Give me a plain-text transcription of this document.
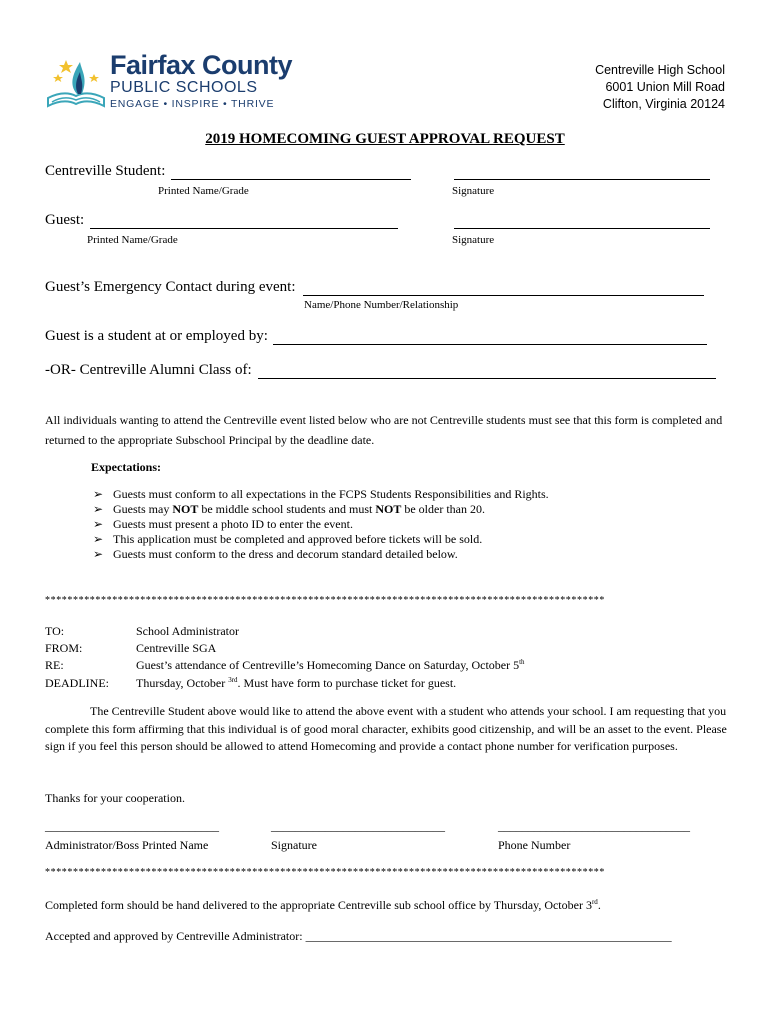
Fairfax County
PUBLIC SCHOOLS
ENGAGE • INSPIRE • THRIVE
Centreville High School
6001 Union Mill Road
Clifton, Virginia 20124
2019 HOMECOMING GUEST APPROVAL REQUEST
Centreville Student:
Printed Name/Grade	Signature
Guest:
Printed Name/Grade	Signature
Guest’s Emergency Contact during event:
Name/Phone Number/Relationship
Guest is a student at or employed by:
-OR- Centreville Alumni Class of:
All individuals wanting to attend the Centreville event listed below who are not Centreville students must see that this form is completed and returned to the appropriate Subschool Principal by the deadline date.
Expectations:
➢ Guests must conform to all expectations in the FCPS Students Responsibilities and Rights.
➢ Guests may NOT be middle school students and must NOT be older than 20.
➢ Guests must present a photo ID to enter the event.
➢ This application must be completed and approved before tickets will be sold.
➢ Guests must conform to the dress and decorum standard detailed below.
****************************************************************************************************
TO:	School Administrator
FROM:	Centreville SGA
RE:	Guest’s attendance of Centreville’s Homecoming Dance on Saturday, October 5th
DEADLINE: Thursday, October $^{3rd}$. Must have form to purchase ticket for guest.
The Centreville Student above would like to attend the above event with a student who attends your school. I am requesting that you complete this form affirming that this individual is of good moral character, exhibits good citizenship, and will be an asset to the event. Please sign if you feel this person should be allowed to attend Homecoming and provide a contact phone number for verification purposes.
Thanks for your cooperation.
_____________________________	_____________________________	________________________________
Administrator/Boss Printed Name	Signature	Phone Number
****************************************************************************************************
Completed form should be hand delivered to the appropriate Centreville sub school office by Thursday, October 3rd.
Accepted and approved by Centreville Administrator: _____________________________________________________________
